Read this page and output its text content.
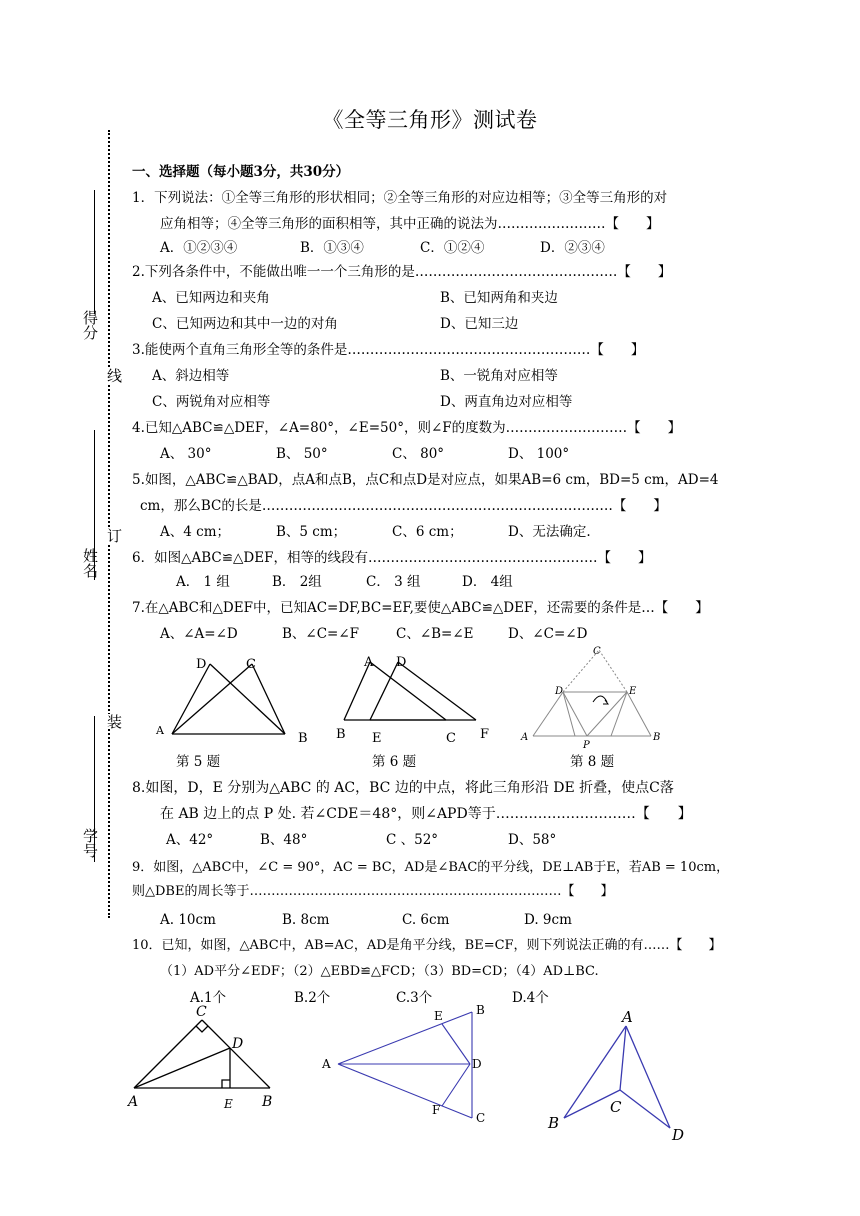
得分
线
姓名
订
学号
装
《全等三角形》测试卷
一、选择题（每小题3分，共30分）
1．下列说法：①全等三角形的形状相同；②全等三角形的对应边相等；③全等三角形的对
应角相等；④全等三角形的面积相等，其中正确的说法为……………………【　　】
A．①②③④	B．①③④	C．①②④	D．②③④
2.下列各条件中，不能做出唯一一个三角形的是………………………………………【　　】
A、已知两边和夹角	B、已知两角和夹边
C、已知两边和其中一边的对角	D、已知三边
3.能使两个直角三角形全等的条件是………………………………………………【　　】
A、斜边相等	B、一锐角对应相等
C、两锐角对应相等	D、两直角边对应相等
4.已知△ABC≌△DEF，∠A=80°，∠E=50°，则∠F的度数为………………………【　　】
A、 30°	B、 50°	C、 80°	D、 100°
5.如图，△ABC≌△BAD，点A和点B，点C和点D是对应点，如果AB=6 cm，BD=5 cm，AD=4
cm，那么BC的长是……………………………………………………………………【　　】
A、4 cm；	B、5 cm；	C、6 cm；	D、无法确定.
6．如图△ABC≌△DEF，相等的线段有……………………………………………【　　】
A． 1 组	B． 2组	C． 3 组	D． 4组
7.在△ABC和△DEF中，已知AC=DF,BC=EF,要使△ABC≌△DEF，还需要的条件是…【　　】
A、∠A=∠D	B、∠C=∠F	C、∠B=∠E	D、∠C=∠D
D	C
A
B
第 5 题
A D
B E	C F
第 6 题
C
D	E
A
P
B
第 8 题
8.如图，D，E 分别为△ABC 的 AC，BC 边的中点，将此三角形沿 DE 折叠，使点C落
在 AB 边上的点 P 处. 若∠CDE＝48°，则∠APD等于…………………………【　　】
A、42°	B、48°	C 、52°	D、58°
9．如图，△ABC中，∠C = 90°，AC = BC，AD是∠BAC的平分线，DE⊥AB于E，若AB = 10cm，
则△DBE的周长等于………………………………………………………………【　　】
A. 10cm	B. 8cm	C. 6cm	D. 9cm
10．已知，如图，△ABC中，AB=AC，AD是角平分线，BE=CF，则下列说法正确的有……【　　】
（1）AD平分∠EDF；（2）△EBD≌△FCD；（3）BD=CD；（4）AD⊥BC.
A.1个	B.2个	C.3个	D.4个
C
D
A	E B
E	B
A	D
F
C
A
C
B
D
